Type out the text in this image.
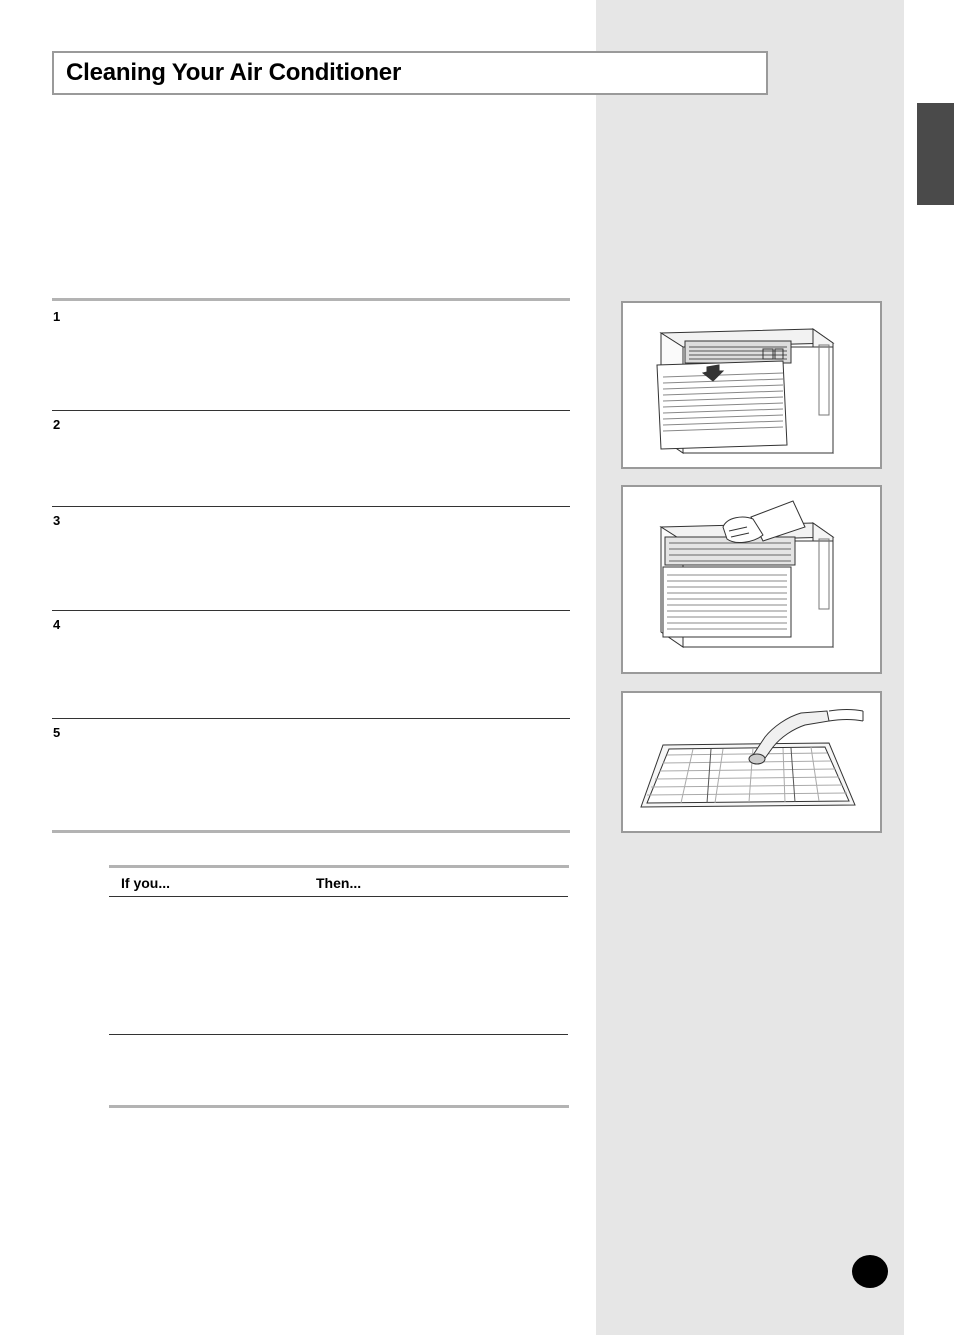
Cleaning Your Air Conditioner
1
2
3
4
5
If you...	Then...
